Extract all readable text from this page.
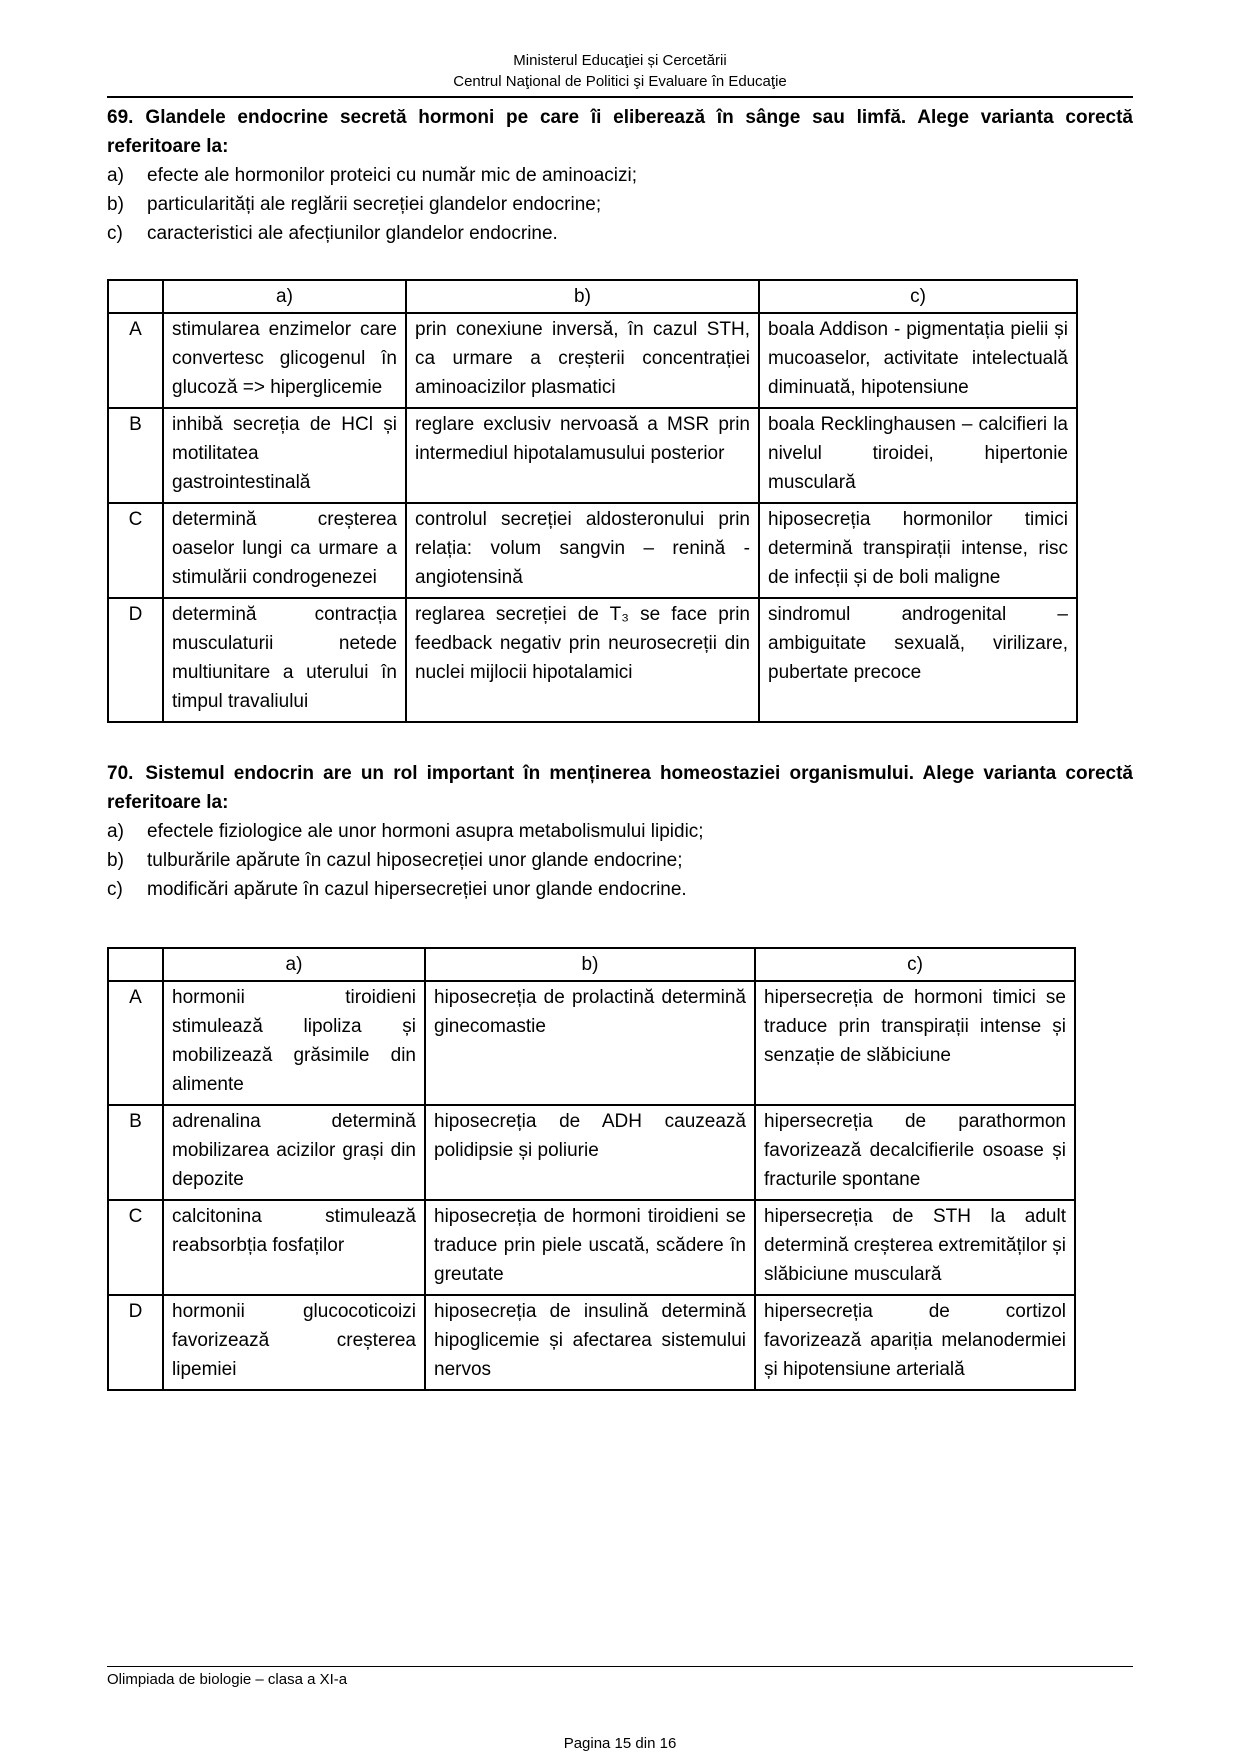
Ministerul Educaţiei și Cercetării
Centrul Naţional de Politici şi Evaluare în Educaţie

69. Glandele endocrine secretă hormoni pe care îi eliberează în sânge sau limfă. Alege varianta corectă referitoare la:

a)	efecte ale hormonilor proteici cu număr mic de aminoacizi;
b)	particularități ale reglării secreției glandelor endocrine;
c)	caracteristici ale afecțiunilor glandelor endocrine.
	a)	b)	c)
A	stimularea enzimelor care convertesc glicogenul în glucoză => hiperglicemie	prin conexiune inversă, în cazul STH, ca urmare a creșterii concentrației aminoacizilor plasmatici	boala Addison - pigmentația pielii și mucoaselor, activitate intelectuală diminuată, hipotensiune
B	inhibă secreția de HCl și motilitatea gastrointestinală	reglare exclusiv nervoasă a MSR prin intermediul hipotalamusului posterior	boala Recklinghausen – calcifieri la nivelul tiroidei, hipertonie musculară
C	determină creșterea oaselor lungi ca urmare a stimulării condrogenezei	controlul secreției aldosteronului prin relația: volum sangvin – renină - angiotensină	hiposecreția hormonilor timici determină transpirații intense, risc de infecții și de boli maligne
D	determină contracția musculaturii netede multiunitare a uterului în timpul travaliului	reglarea secreției de T₃ se face prin feedback negativ prin neurosecreții din nuclei mijlocii hipotalamici	sindromul androgenital – ambiguitate sexuală, virilizare, pubertate precoce

70. Sistemul endocrin are un rol important în menținerea homeostaziei organismului. Alege varianta corectă referitoare la:

a)	efectele fiziologice ale unor hormoni asupra metabolismului lipidic;
b)	tulburările apărute în cazul hiposecreției unor glande endocrine;
c)	modificări apărute în cazul hipersecreției unor glande endocrine.
	a)	b)	c)
A	hormonii tiroidieni stimulează lipoliza și mobilizează grăsimile din alimente	hiposecreția de prolactină determină ginecomastie	hipersecreția de hormoni timici se traduce prin transpirații intense și senzație de slăbiciune
B	adrenalina determină mobilizarea acizilor grași din depozite	hiposecreția de ADH cauzează polidipsie și poliurie	hipersecreția de parathormon favorizează decalcifierile osoase și fracturile spontane
C	calcitonina stimulează reabsorbția fosfaților	hiposecreția de hormoni tiroidieni se traduce prin piele uscată, scădere în greutate	hipersecreția de STH la adult determină creșterea extremităților și slăbiciune musculară
D	hormonii glucocoticoizi favorizează creșterea lipemiei	hiposecreția de insulină determină hipoglicemie și afectarea sistemului nervos	hipersecreția de cortizol favorizează apariția melanodermiei și hipotensiune arterială
Olimpiada de biologie – clasa a XI-a
Pagina 15 din 16
